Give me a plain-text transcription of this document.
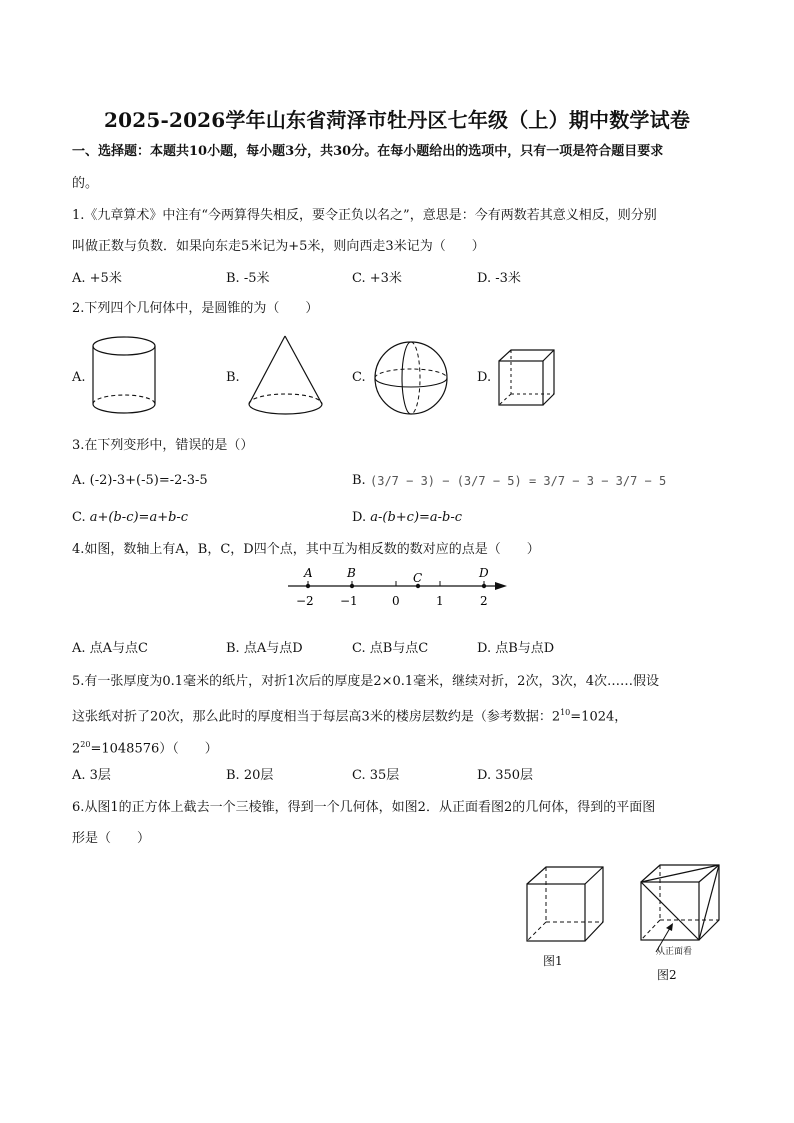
2025-2026学年山东省菏泽市牡丹区七年级（上）期中数学试卷
一、选择题：本题共10小题，每小题3分，共30分。在每小题给出的选项中，只有一项是符合题目要求
的。
1.《九章算术》中注有“今两算得失相反，要令正负以名之”，意思是：今有两数若其意义相反，则分别
叫做正数与负数．如果向东走5米记为+5米，则向西走3米记为（　　）
A. +5米	B. -5米	C. +3米	D. -3米
2.下列四个几何体中，是圆锥的为（　　）
A.	B.	C.	D.
3.在下列变形中，错误的是（）
A. (-2)-3+(-5)=-2-3-5	B. (3/7 − 3) − (3/7 − 5) = 3/7 − 3 − 3/7 − 5
C. a+(b-c)=a+b-c	D. a-(b+c)=a-b-c
4.如图，数轴上有A，B，C，D四个点，其中互为相反数的数对应的点是（　　）
A	B	C	D
−2 −1	0	1	2
A. 点A与点C	B. 点A与点D	C. 点B与点C	D. 点B与点D
5.有一张厚度为0.1毫米的纸片，对折1次后的厚度是2×0.1毫米，继续对折，2次，3次，4次……假设
这张纸对折了20次，那么此时的厚度相当于每层高3米的楼房层数约是（参考数据：$2^{10}=1024$，
$2^{20}=1048576$）（　　）
A. 3层	B. 20层	C. 35层	D. 350层
6.从图1的正方体上截去一个三棱锥，得到一个几何体，如图2．从正面看图2的几何体，得到的平面图
形是（　　）
图1
从正面看
图2
